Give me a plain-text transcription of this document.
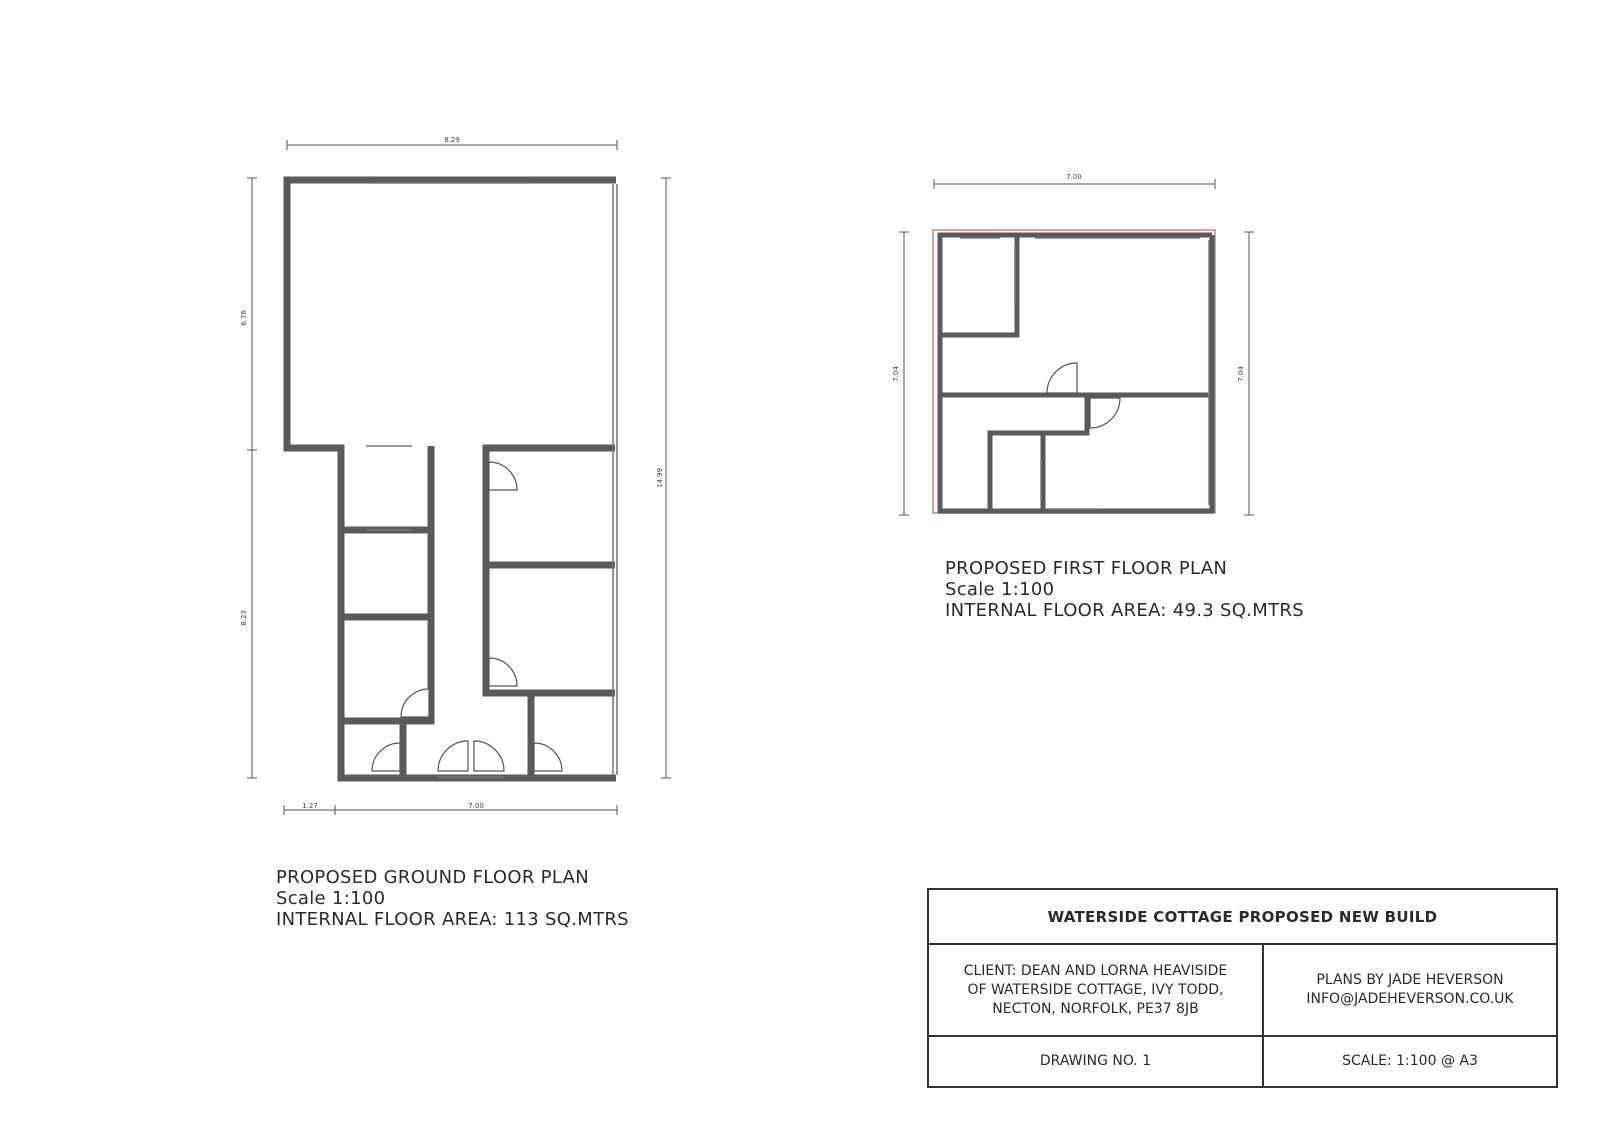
8.29
6.76
8.23
14.99
1.27	7.00
7.00
7.04	7.04
PROPOSED GROUND FLOOR PLAN
Scale 1:100
INTERNAL FLOOR AREA: 113 SQ.MTRS
PROPOSED FIRST FLOOR PLAN
Scale 1:100
INTERNAL FLOOR AREA: 49.3 SQ.MTRS
WATERSIDE COTTAGE PROPOSED NEW BUILD
CLIENT: DEAN AND LORNA HEAVISIDE
OF WATERSIDE COTTAGE, IVY TODD,
NECTON, NORFOLK, PE37 8JB
PLANS BY JADE HEVERSON
INFO@JADEHEVERSON.CO.UK
DRAWING NO. 1	SCALE: 1:100 @ A3
